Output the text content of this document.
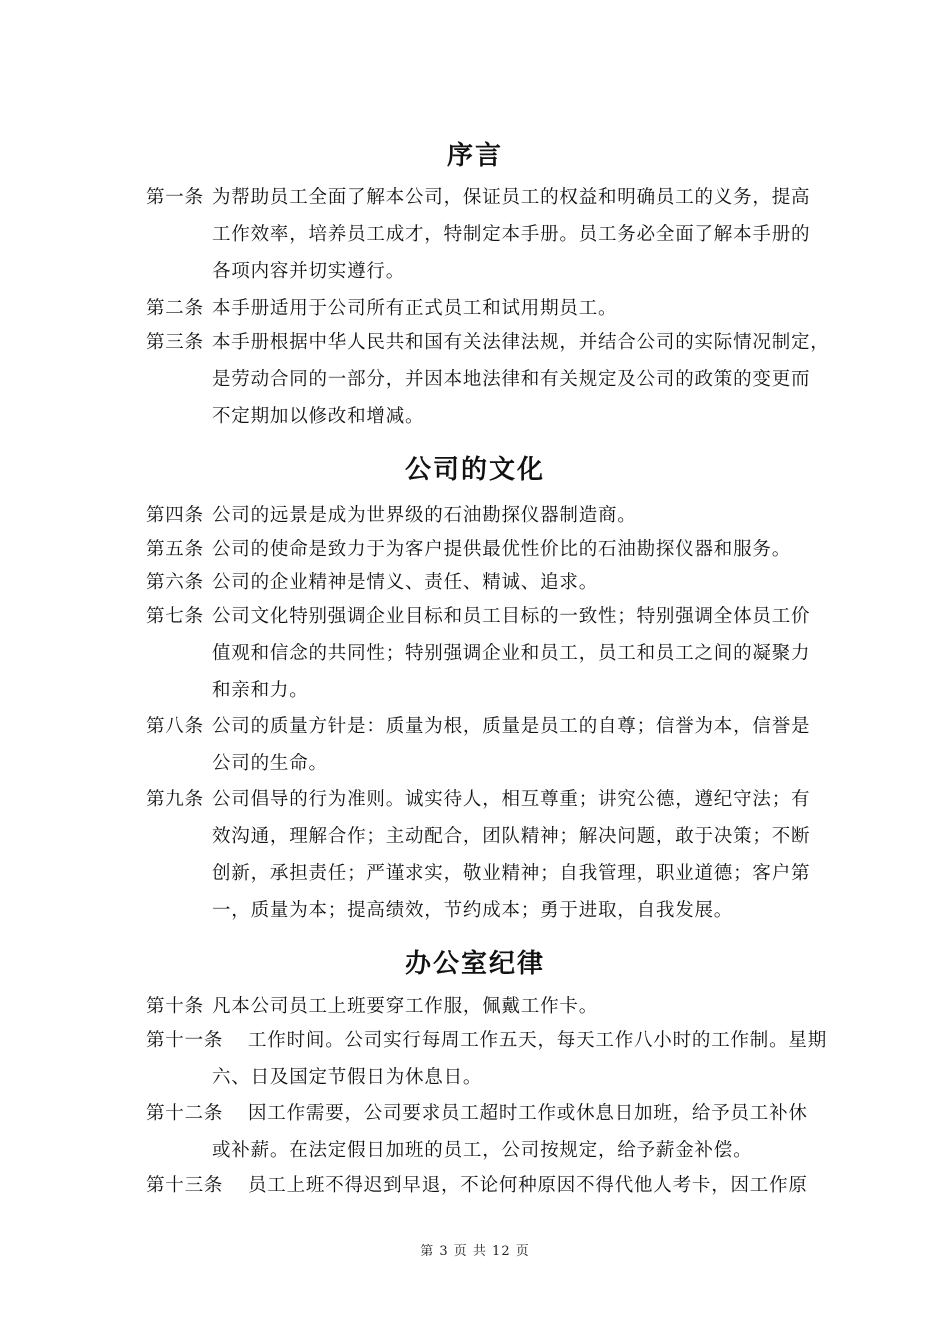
序言
第一条 为帮助员工全面了解本公司，保证员工的权益和明确员工的义务，提高
工作效率，培养员工成才，特制定本手册。员工务必全面了解本手册的
各项内容并切实遵行。
第二条 本手册适用于公司所有正式员工和试用期员工。
第三条 本手册根据中华人民共和国有关法律法规，并结合公司的实际情况制定，
是劳动合同的一部分，并因本地法律和有关规定及公司的政策的变更而
不定期加以修改和增减。
公司的文化
第四条 公司的远景是成为世界级的石油勘探仪器制造商。
第五条 公司的使命是致力于为客户提供最优性价比的石油勘探仪器和服务。
第六条 公司的企业精神是情义、责任、精诚、追求。
第七条 公司文化特别强调企业目标和员工目标的一致性；特别强调全体员工价
值观和信念的共同性；特别强调企业和员工，员工和员工之间的凝聚力
和亲和力。
第八条 公司的质量方针是：质量为根，质量是员工的自尊；信誉为本，信誉是
公司的生命。
第九条 公司倡导的行为准则。诚实待人，相互尊重；讲究公德，遵纪守法；有
效沟通，理解合作；主动配合，团队精神；解决问题，敢于决策；不断
创新，承担责任；严谨求实，敬业精神；自我管理，职业道德；客户第
一，质量为本；提高绩效，节约成本；勇于进取，自我发展。
办公室纪律
第十条 凡本公司员工上班要穿工作服，佩戴工作卡。
第十一条 工作时间。公司实行每周工作五天，每天工作八小时的工作制。星期
六、日及国定节假日为休息日。
第十二条 因工作需要，公司要求员工超时工作或休息日加班，给予员工补休
或补薪。在法定假日加班的员工，公司按规定，给予薪金补偿。
第十三条 员工上班不得迟到早退，不论何种原因不得代他人考卡，因工作原
第 3 页 共 12 页
